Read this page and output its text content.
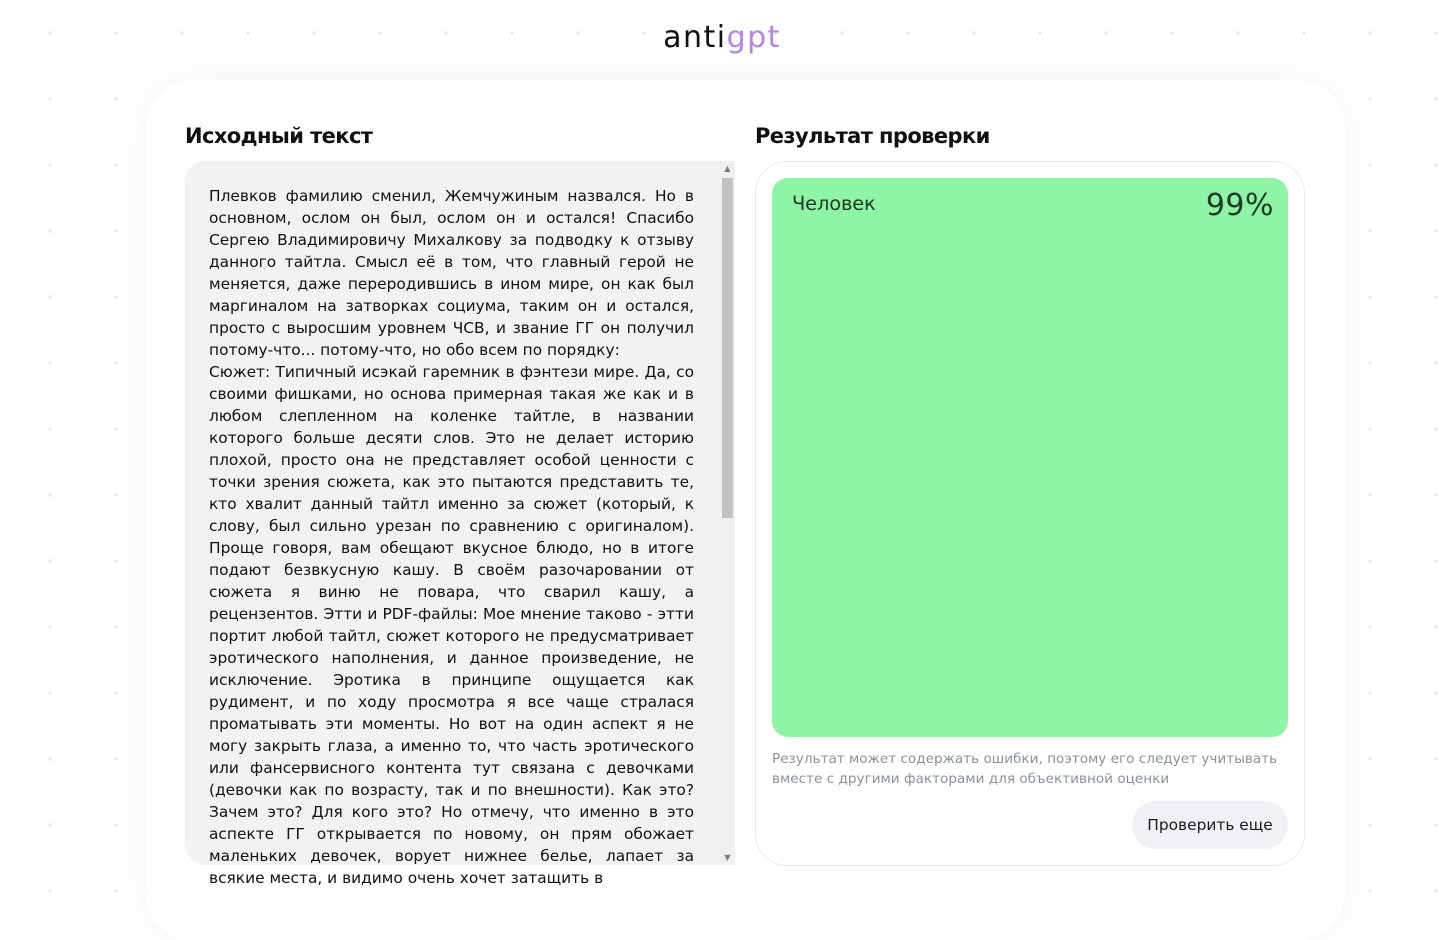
antigpt
Исходный текст	Результат проверки
Плевков фамилию сменил, Жемчужиным назвался. Но в основном, ослом он был, ослом он и остался! Спасибо Сергею Владимировичу Михалкову за подводку к отзыву данного тайтла. Смысл её в том, что главный герой не меняется, даже переродившись в ином мире, он как был маргиналом на затворках социума, таким он и остался, просто с выросшим уровнем ЧСВ, и звание ГГ он получил потому-что... потому-что, но обо всем по порядку:
Сюжет: Типичный исэкай гаремник в фэнтези мире. Да, со своими фишками, но основа примерная такая же как и в любом слепленном на коленке тайтле, в названии которого больше десяти слов. Это не делает историю плохой, просто она не представляет особой ценности с точки зрения сюжета, как это пытаются представить те, кто хвалит данный тайтл именно за сюжет (который, к слову, был сильно урезан по сравнению с оригиналом). Проще говоря, вам обещают вкусное блюдо, но в итоге подают безвкусную кашу. В своём разочаровании от сюжета я виню не повара, что сварил кашу, а рецензентов. Этти и PDF-файлы: Мое мнение таково - этти портит любой тайтл, сюжет которого не предусматривает эротического наполнения, и данное произведение, не исключение. Эротика в принципе ощущается как рудимент, и по ходу просмотра я все чаще стралася проматывать эти моменты. Но вот на один аспект я не могу закрыть глаза, а именно то, что часть эротического или фансервисного контента тут связана с девочками (девочки как по возрасту, так и по внешности). Как это? Зачем это? Для кого это? Но отмечу, что именно в это аспекте ГГ открывается по новому, он прям обожает маленьких девочек, ворует нижнее белье, лапает за всякие места, и видимо очень хочет затащить в
▲
▼
Человек	99%
Результат может содержать ошибки, поэтому его следует учитывать вместе с другими факторами для объективной оценки
Проверить еще
